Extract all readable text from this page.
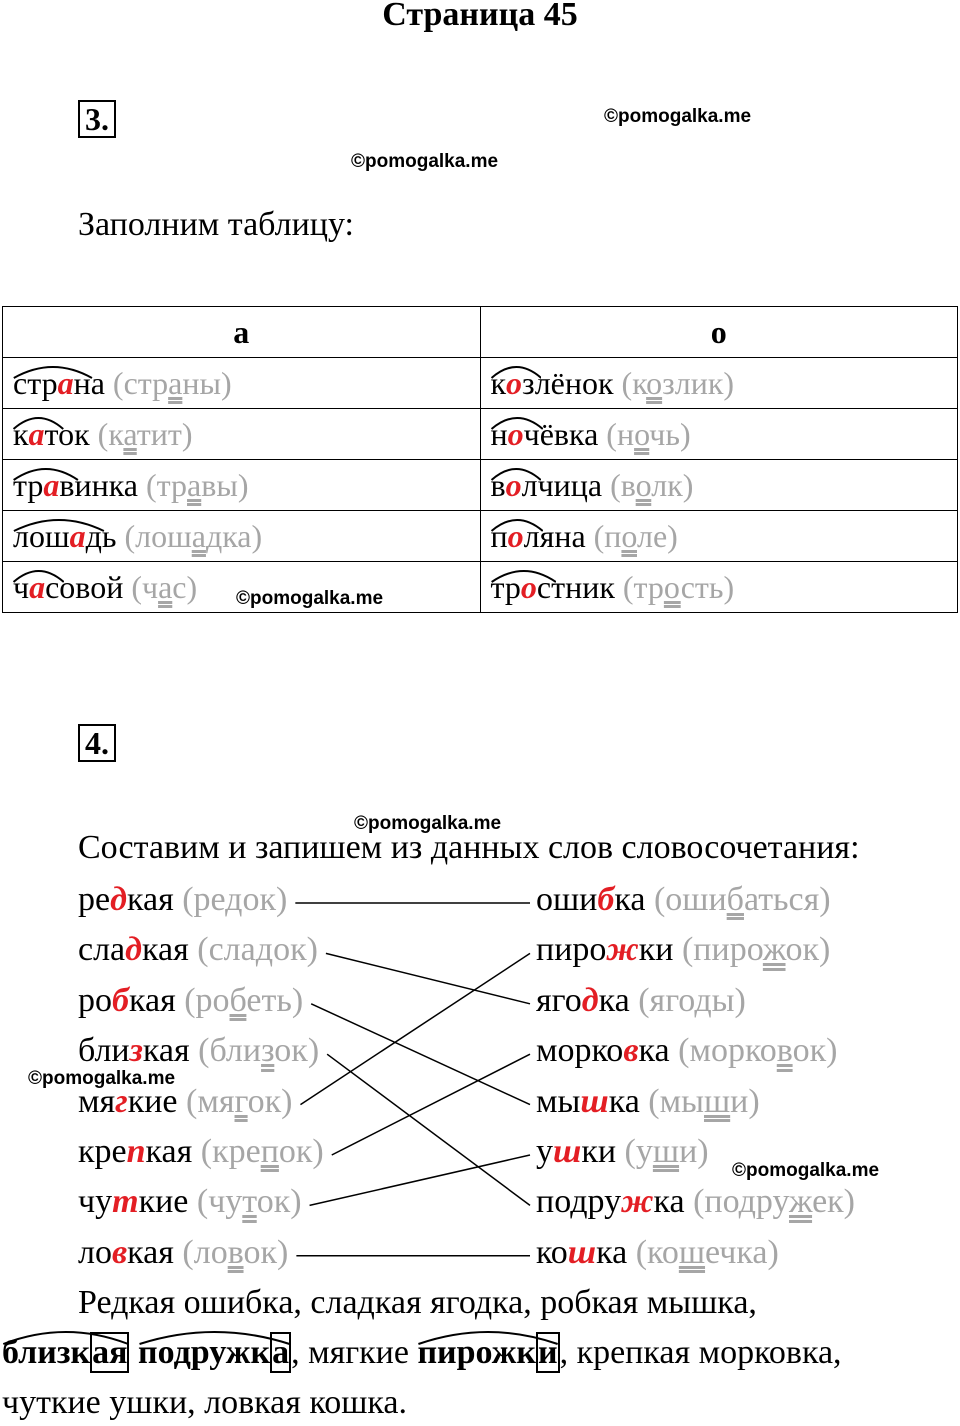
Страница 45
3.	©pomogalka.me
©pomogalka.me
Заполним таблицу:
а	о
страна (страны)	козлёнок (козлик)
каток (катит)	ночёвка (ночь)
травинка (травы)	волчица (волк)
лошадь (лошадка)	поляна (поле)
часовой (час)	тростник (трость)
©pomogalka.me
4.
©pomogalka.me
Составим и запишем из данных слов словосочетания:
редкая (редок)
сладкая (сладок)
робкая (робеть)
близкая (близок)
мягкие (мягок)
крепкая (крепок)
чуткие (чуток)
ловкая (ловок)
ошибка (ошибаться)
пирожки (пирожок)
ягодка (ягоды)
морковка (морковок)
мышка (мыши)
ушки (уши)
подружка (подружек)
кошка (кошечка)
©pomogalka.me
©pomogalka.me
Редкая ошибка, сладкая ягодка, робкая мышка,
близкая подружка
, мягкие пирожки
, крепкая морковка,
чуткие ушки, ловкая кошка.
